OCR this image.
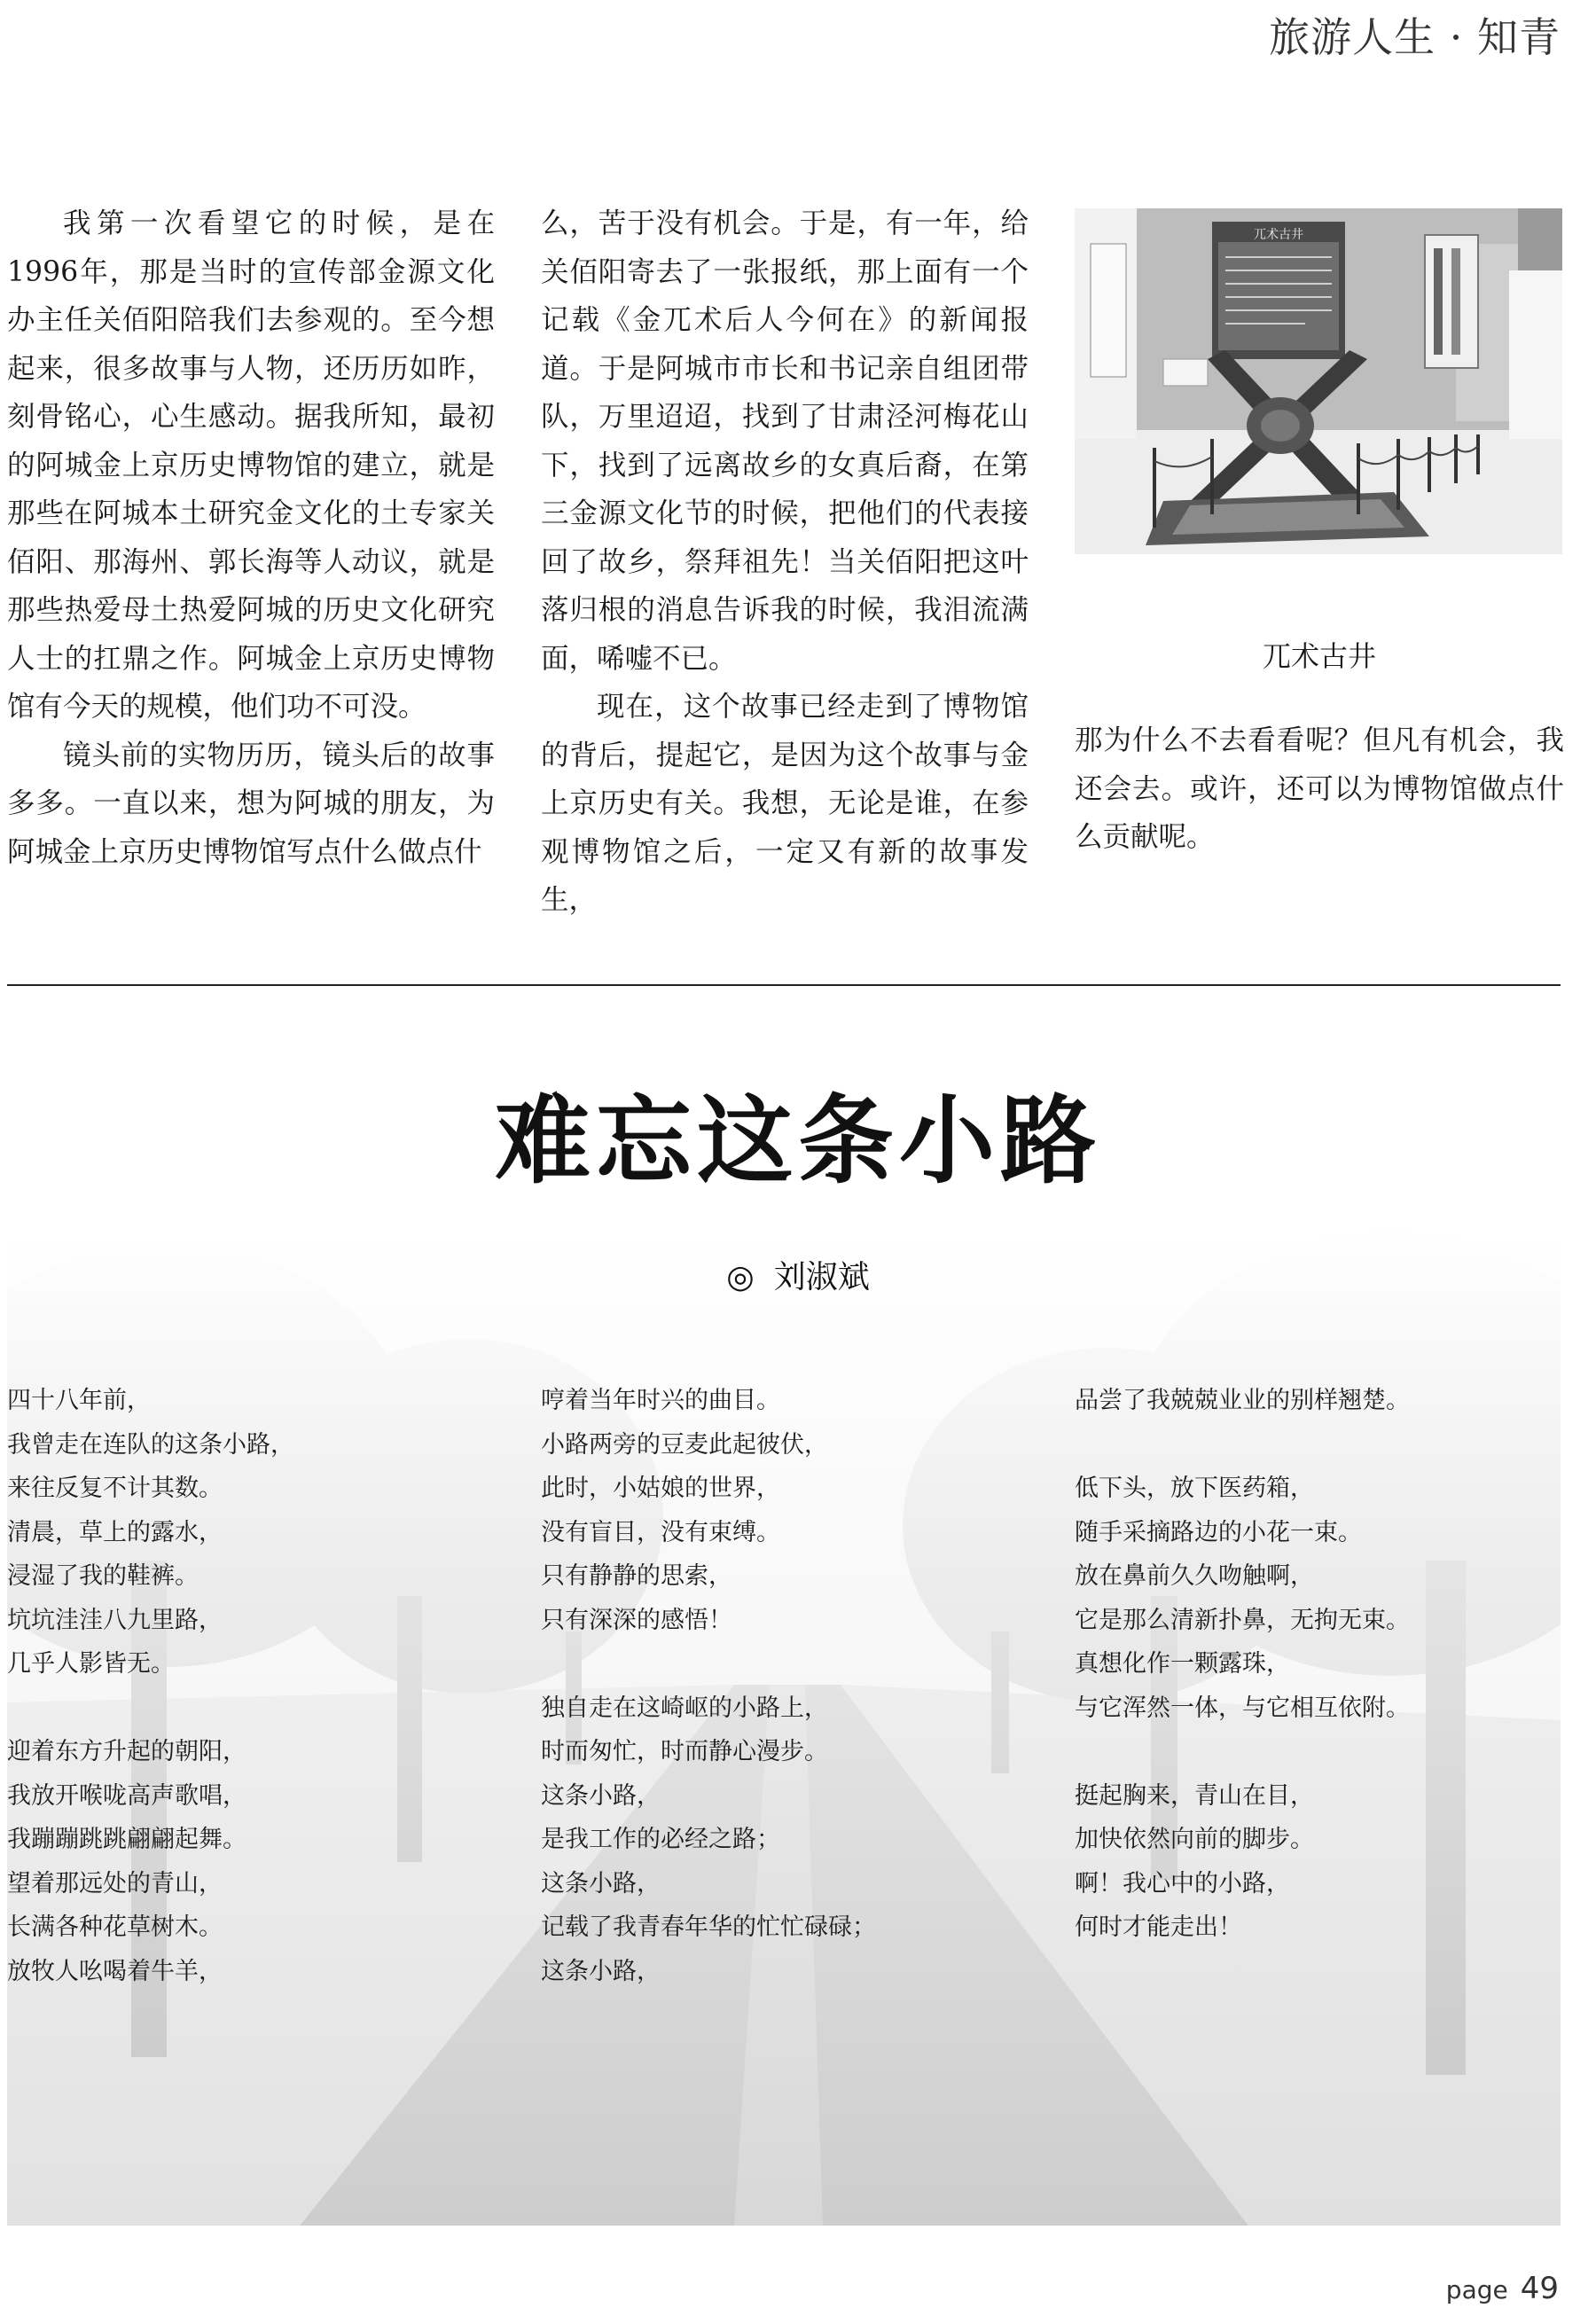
旅游人生 · 知青

我第一次看望它的时候，是在1996年，那是当时的宣传部金源文化办主任关佰阳陪我们去参观的。至今想起来，很多故事与人物，还历历如昨，刻骨铭心，心生感动。据我所知，最初的阿城金上京历史博物馆的建立，就是那些在阿城本土研究金文化的土专家关佰阳、那海州、郭长海等人动议，就是那些热爱母土热爱阿城的历史文化研究人士的扛鼎之作。阿城金上京历史博物馆有今天的规模，他们功不可没。

镜头前的实物历历，镜头后的故事多多。一直以来，想为阿城的朋友，为阿城金上京历史博物馆写点什么做点什

么，苦于没有机会。于是，有一年，给关佰阳寄去了一张报纸，那上面有一个记载《金兀术后人今何在》的新闻报道。于是阿城市市长和书记亲自组团带队，万里迢迢，找到了甘肃泾河梅花山下，找到了远离故乡的女真后裔，在第三金源文化节的时候，把他们的代表接回了故乡，祭拜祖先！当关佰阳把这叶落归根的消息告诉我的时候，我泪流满面，唏嘘不已。

现在，这个故事已经走到了博物馆的背后，提起它，是因为这个故事与金上京历史有关。我想，无论是谁，在参观博物馆之后，一定又有新的故事发生，

兀术古井
兀术古井

那为什么不去看看呢？但凡有机会，我还会去。或许，还可以为博物馆做点什么贡献呢。

难忘这条小路
◎ 刘淑斌
四十八年前，
我曾走在连队的这条小路，
来往反复不计其数。
清晨，草上的露水，
浸湿了我的鞋裤。
坑坑洼洼八九里路，
几乎人影皆无。
迎着东方升起的朝阳，
我放开喉咙高声歌唱，
我蹦蹦跳跳翩翩起舞。
望着那远处的青山，
长满各种花草树木。
放牧人吆喝着牛羊，
哼着当年时兴的曲目。
小路两旁的豆麦此起彼伏，
此时，小姑娘的世界，
没有盲目，没有束缚。
只有静静的思索，
只有深深的感悟！
独自走在这崎岖的小路上，
时而匆忙，时而静心漫步。
这条小路，
是我工作的必经之路；
这条小路，
记载了我青春年华的忙忙碌碌；
这条小路，
品尝了我兢兢业业的别样翘楚。
低下头，放下医药箱，
随手采摘路边的小花一束。
放在鼻前久久吻触啊，
它是那么清新扑鼻，无拘无束。
真想化作一颗露珠，
与它浑然一体，与它相互依附。
挺起胸来，青山在目，
加快依然向前的脚步。
啊！我心中的小路，
何时才能走出！
page 49
